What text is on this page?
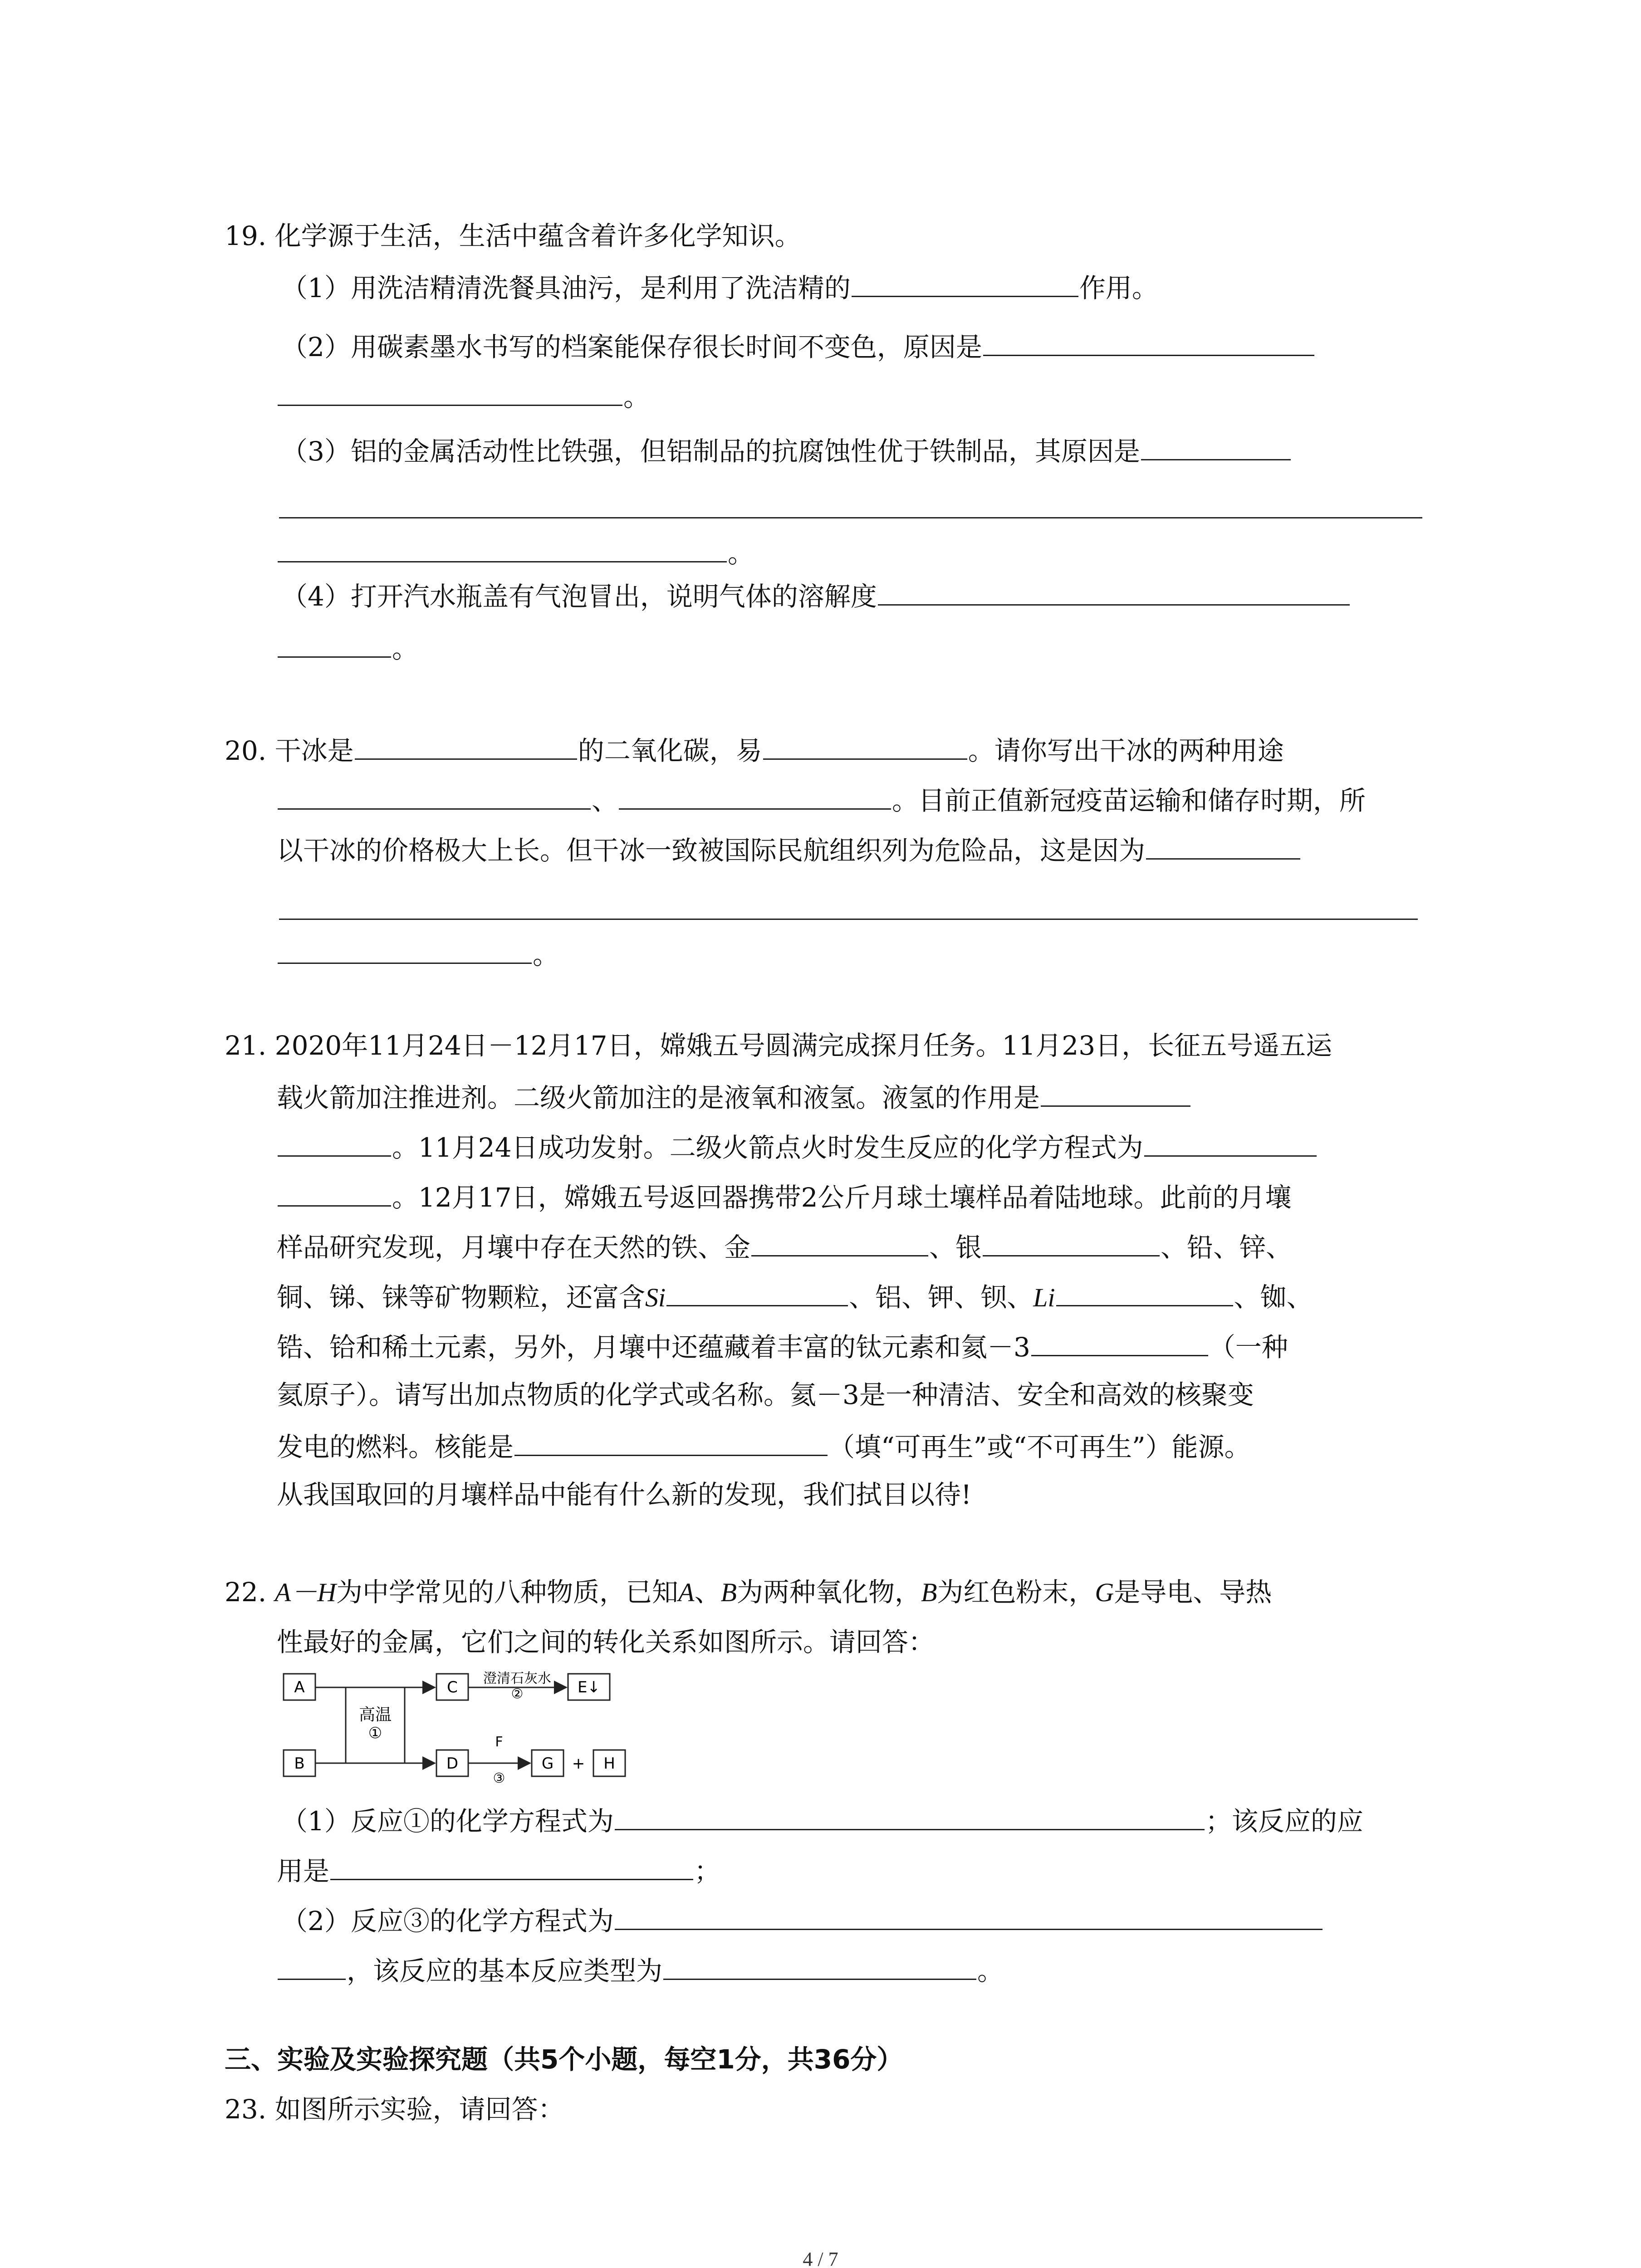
19. 化学源于生活，生活中蕴含着许多化学知识。
（1）用洗洁精清洗餐具油污，是利用了洗洁精的	作用。
（2）用碳素墨水书写的档案能保存很长时间不变色，原因是
。
（3）铝的金属活动性比铁强，但铝制品的抗腐蚀性优于铁制品，其原因是
。
（4）打开汽水瓶盖有气泡冒出，说明气体的溶解度
。
20. 干冰是	的二氧化碳，易	。请你写出干冰的两种用途
、	。目前正值新冠疫苗运输和储存时期，所
以干冰的价格极大上长。但干冰一致被国际民航组织列为危险品，这是因为
。
21. 2020年11月24日－12月17日，嫦娥五号圆满完成探月任务。11月23日，长征五号遥五运
载火箭加注推进剂。二级火箭加注的是液氧和液氢。液氢的作用是
。11月24日成功发射。二级火箭点火时发生反应的化学方程式为
。12月17日，嫦娥五号返回器携带2公斤月球土壤样品着陆地球。此前的月壤
样品研究发现，月壤中存在天然的铁、金	、银	、铅、锌、
铜、锑、铼等矿物颗粒，还富含Si	、铝、钾、钡、Li	、铷、
锆、铪和稀土元素，另外，月壤中还蕴藏着丰富的钛元素和氦－3	（一种
氦原子）。请写出加点物质的化学式或名称。氦－3是一种清洁、安全和高效的核聚变
发电的燃料。核能是	（填“可再生”或“不可再生”）能源。
从我国取回的月壤样品中能有什么新的发现，我们拭目以待!
22. A－H为中学常见的八种物质，已知A、B为两种氧化物，B为红色粉末，G是导电、导热
性最好的金属，它们之间的转化关系如图所示。请回答：
A
B
高温
①
C 澄清石灰水
②	E↓
D
F
③
G + H
（1）反应①的化学方程式为	；该反应的应
用是	；
（2）反应③的化学方程式为
，该反应的基本反应类型为	。
三、实验及实验探究题（共5个小题，每空1分，共36分）
23. 如图所示实验，请回答：
4 / 7
